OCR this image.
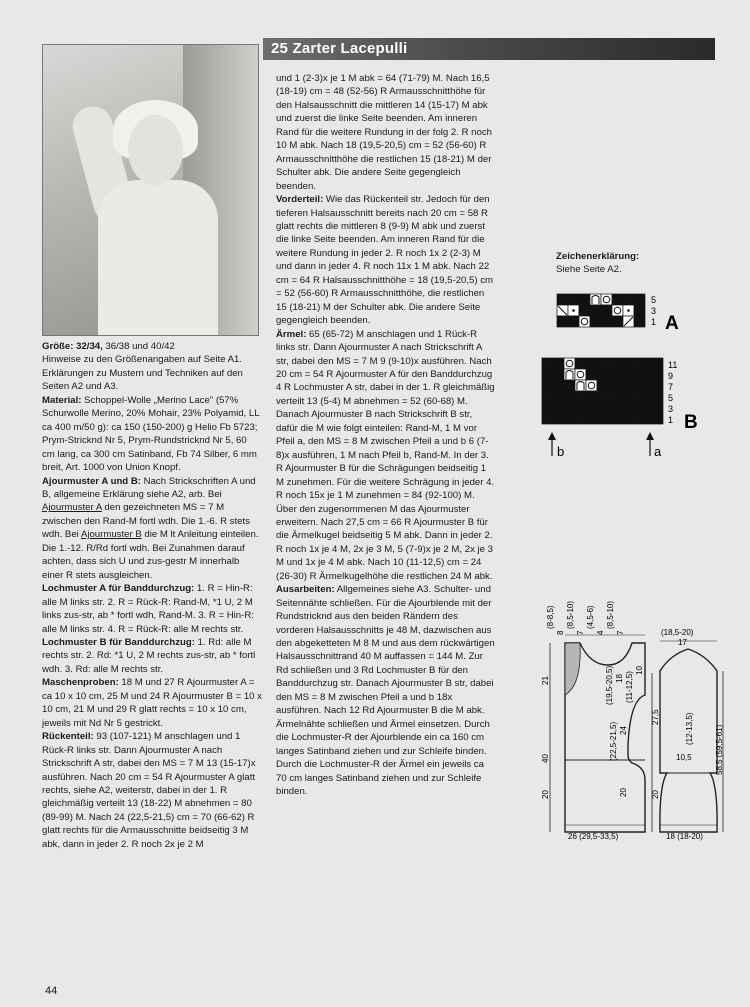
25 Zarter Lacepulli

Größe: 32/34, 36/38 und 40/42
Hinweise zu den Größenangaben auf Seite A1. Erklärungen zu Mustern und Techniken auf den Seiten A2 und A3.

Material: Schoppel-Wolle „Merino Lace" (57% Schurwolle Merino, 20% Mohair, 23% Polyamid, LL ca 400 m/50 g): ca 150 (150-200) g Helio Fb 5723; Prym-Stricknd Nr 5, Prym-Rundstricknd Nr 5, 60 cm lang, ca 300 cm Satinband, Fb 74 Silber, 6 mm breit, Art. 1000 von Union Knopf.

Ajourmuster A und B: Nach Strickschriften A und B, allgemeine Erklärung siehe A2, arb. Bei Ajourmuster A den gezeichneten MS = 7 M zwischen den Rand-M fortl wdh. Die 1.-6. R stets wdh. Bei Ajourmuster B die M lt Anleitung einteilen. Die 1.-12. R/Rd fortl wdh. Bei Zunahmen darauf achten, dass sich U und zus-gestr M innerhalb einer R stets ausgleichen.

Lochmuster A für Banddurchzug: 1. R = Hin-R: alle M links str. 2. R = Rück-R: Rand-M, *1 U, 2 M links zus-str, ab * fortl wdh, Rand-M. 3. R = Hin-R: alle M links str. 4. R = Rück-R: alle M rechts str.

Lochmuster B für Banddurchzug: 1. Rd: alle M rechts str. 2. Rd: *1 U, 2 M rechts zus-str, ab * fortl wdh. 3. Rd: alle M rechts str.

Maschenproben: 18 M und 27 R Ajourmuster A = ca 10 x 10 cm, 25 M und 24 R Ajourmuster B = 10 x 10 cm, 21 M und 29 R glatt rechts = 10 x 10 cm, jeweils mit Nd Nr 5 gestrickt.

Rückenteil: 93 (107-121) M anschlagen und 1 Rück-R links str. Dann Ajourmuster A nach Strickschrift A str, dabei den MS = 7 M 13 (15-17)x ausführen. Nach 20 cm = 54 R Ajourmuster A glatt rechts, siehe A2, weiterstr, dabei in der 1. R gleichmäßig verteilt 13 (18-22) M abnehmen = 80 (89-99) M. Nach 24 (22,5-21,5) cm = 70 (66-62) R glatt rechts für die Armausschnitte beidseitig 3 M abk, dann in jeder 2. R noch 2x je 2 M

und 1 (2-3)x je 1 M abk = 64 (71-79) M. Nach 16,5 (18-19) cm = 48 (52-56) R Armausschnitthöhe für den Halsausschnitt die mittleren 14 (15-17) M abk und zuerst die linke Seite beenden. Am inneren Rand für die weitere Rundung in der folg 2. R noch 10 M abk. Nach 18 (19,5-20,5) cm = 52 (56-60) R Armausschnitthöhe die restlichen 15 (18-21) M der Schulter abk. Die andere Seite gegengleich beenden.

Vorderteil: Wie das Rückenteil str. Jedoch für den tieferen Halsausschnitt bereits nach 20 cm = 58 R glatt rechts die mittleren 8 (9-9) M abk und zuerst die linke Seite beenden. Am inneren Rand für die weitere Rundung in jeder 2. R noch 1x 2 (2-3) M und dann in jeder 4. R noch 11x 1 M abk. Nach 22 cm = 64 R Halsausschnitthöhe = 18 (19,5-20,5) cm = 52 (56-60) R Armausschnitthöhe, die restlichen 15 (18-21) M der Schulter abk. Die andere Seite gegengleich beenden.

Ärmel: 65 (65-72) M anschlagen und 1 Rück-R links str. Dann Ajourmuster A nach Strickschrift A str, dabei den MS = 7 M 9 (9-10)x ausführen. Nach 20 cm = 54 R Ajourmuster A für den Banddurchzug 4 R Lochmuster A str, dabei in der 1. R gleichmäßig verteilt 13 (5-4) M abnehmen = 52 (60-68) M. Danach Ajourmuster B nach Strickschrift B str, dafür die M wie folgt einteilen: Rand-M, 1 M vor Pfeil a, den MS = 8 M zwischen Pfeil a und b 6 (7-8)x ausführen, 1 M nach Pfeil b, Rand-M. In der 3. R Ajourmuster B für die Schrägungen beidseitig 1 M zunehmen. Für die weitere Schrägung in jeder 4. R noch 15x je 1 M zunehmen = 84 (92-100) M. Über den zugenommenen M das Ajourmuster erweitern. Nach 27,5 cm = 66 R Ajourmuster B für die Ärmelkugel beidseitig 5 M abk. Dann in jeder 2. R noch 1x je 4 M, 2x je 3 M, 5 (7-9)x je 2 M, 2x je 3 M und 1x je 4 M abk. Nach 10 (11-12,5) cm = 24 (26-30) R Ärmelkugelhöhe die restlichen 24 M abk.

Ausarbeiten: Allgemeines siehe A3. Schulter- und Seitennähte schließen. Für die Ajourblende mit der Rundstricknd aus den beiden Rändern des vorderen Halsausschnitts je 48 M, dazwischen aus den abgeketteten M 8 M und aus dem rückwärtigen Halsausschnittrand 40 M auffassen = 144 M. Zur Rd schließen und 3 Rd Lochmuster B für den Banddurchzug str. Danach Ajourmuster B str, dabei den MS = 8 M zwischen Pfeil a und b 18x ausführen. Nach 12 Rd Ajourmuster B die M abk. Ärmelnähte schließen und Ärmel einsetzen. Durch die Lochmuster-R der Ajourblende ein ca 160 cm langes Satinband ziehen und zur Schleife binden. Durch die Lochmuster-R der Ärmel ein jeweils ca 70 cm langes Satinband ziehen und zur Schleife binden.

Zeichenerklärung:
Siehe Seite A2.
5
3
1 A
11
9
7
5
3
1 B
b	a
(8-8,5)
8
(8,5-10)
7
(4,5-6)
4
(8,5-10)
7
21
40
20
(19,5-20,5) 18 (11-12,5)
10
(22,5-21,5) 24
20
(18,5-20)
17
27,5	(12-13,5)
10,5	58,5 (59,5-61)
20
26 (29,5-33,5)	18 (18-20)
44
